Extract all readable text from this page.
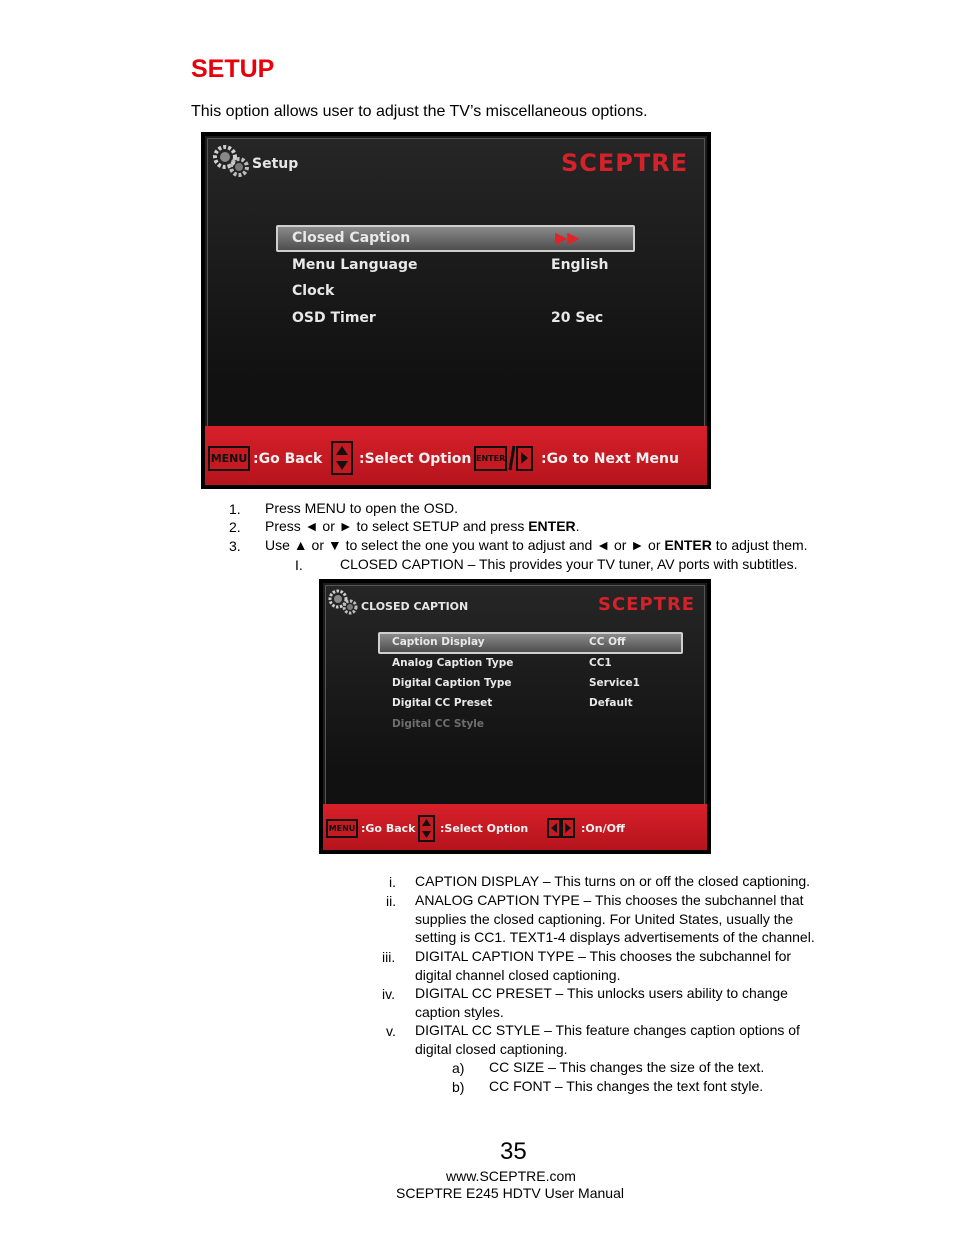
SETUP
This option allows user to adjust the TV’s miscellaneous options.
Setup	SCEPTRE
Closed Caption	▶▶
Menu Language	English
Clock
OSD Timer	20 Sec
MENU :Go Back	:Select Option ENTER	:Go to Next Menu
1. Press MENU to open the OSD.
2. Press ◄ or ► to select SETUP and press ENTER.
3. Use ▲ or ▼ to select the one you want to adjust and ◄ or ► or ENTER to adjust them.
I.	CLOSED CAPTION – This provides your TV tuner, AV ports with subtitles.
CLOSED CAPTION	SCEPTRE
Caption Display	CC Off
Analog Caption Type	CC1
Digital Caption Type	Service1
Digital CC Preset	Default
Digital CC Style
MENU :Go Back :Select Option	:On/Off
i. CAPTION DISPLAY – This turns on or off the closed captioning.
ii. ANALOG CAPTION TYPE – This chooses the subchannel that
supplies the closed captioning. For United States, usually the
setting is CC1. TEXT1-4 displays advertisements of the channel.
iii. DIGITAL CAPTION TYPE – This chooses the subchannel for
digital channel closed captioning.
iv. DIGITAL CC PRESET – This unlocks users ability to change
caption styles.
v. DIGITAL CC STYLE – This feature changes caption options of
digital closed captioning.
a) CC SIZE – This changes the size of the text.
b) CC FONT – This changes the text font style.
35
www.SCEPTRE.com
SCEPTRE E245 HDTV User Manual
